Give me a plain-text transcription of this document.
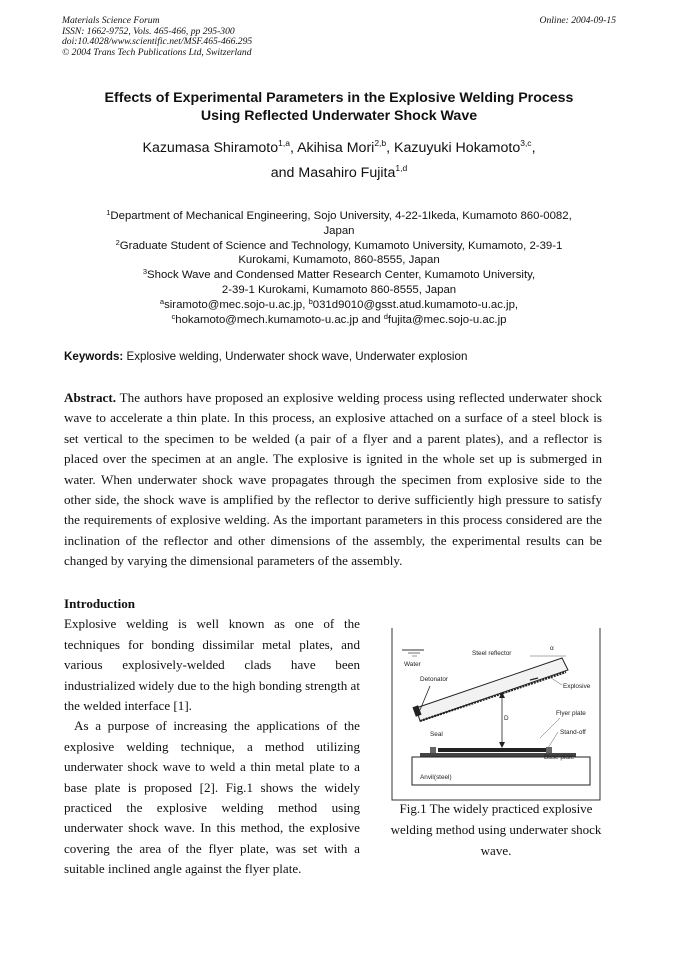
Materials Science Forum
ISSN: 1662-9752, Vols. 465-466, pp 295-300
doi:10.4028/www.scientific.net/MSF.465-466.295
© 2004 Trans Tech Publications Ltd, Switzerland
Online: 2004-09-15
Effects of Experimental Parameters in the Explosive Welding Process
Using Reflected Underwater Shock Wave
Kazumasa Shiramoto$^{1,a}$, Akihisa Mori$^{2,b}$, Kazuyuki Hokamoto$^{3,c}$,
and Masahiro Fujita$^{1,d}$
$^1$Department of Mechanical Engineering, Sojo University, 4-22-1Ikeda, Kumamoto 860-0082,
Japan
$^2$Graduate Student of Science and Technology, Kumamoto University, Kumamoto, 2-39-1
Kurokami, Kumamoto, 860-8555, Japan
$^3$Shock Wave and Condensed Matter Research Center, Kumamoto University,
2-39-1 Kurokami, Kumamoto 860-8555, Japan
$^a$siramoto@mec.sojo-u.ac.jp, $^b$031d9010@gsst.atud.kumamoto-u.ac.jp,
$^c$hokamoto@mech.kumamoto-u.ac.jp and $^d$fujita@mec.sojo-u.ac.jp
Keywords: Explosive welding, Underwater shock wave, Underwater explosion
Abstract. The authors have proposed an explosive welding process using reflected underwater shock wave to accelerate a thin plate. In this process, an explosive attached on a surface of a steel block is set vertical to the specimen to be welded (a pair of a flyer and a parent plates), and a reflector is placed over the specimen at an angle. The explosive is ignited in the whole set up is submerged in water. When underwater shock wave propagates through the specimen from explosive side to the other side, the shock wave is amplified by the reflector to derive sufficiently high pressure to satisfy the requirements of explosive welding. As the important parameters in this process considered are the inclination of the reflector and other dimensions of the assembly, the experimental results can be changed by varying the dimensional parameters of the assembly.
Introduction

Explosive welding is well known as one of the techniques for bonding dissimilar metal plates, and various explosively-welded clads have been industrialized widely due to the high bonding strength at the welded interface [1].

As a purpose of increasing the applications of the explosive welding technique, a method utilizing underwater shock wave to weld a thin metal plate to a base plate is proposed [2]. Fig.1 shows the widely practiced the explosive welding method using underwater shock wave. In this method, the explosive covering the area of the flyer plate, was set with a suitable inclined angle against the flyer plate.

Water
Steel reflector
α
Detonator
Explosive
D
Flyer plate
Seal	Stand-off
Anvil(steel)
Base plate
Fig.1 The widely practiced explosive welding method using underwater shock wave.
